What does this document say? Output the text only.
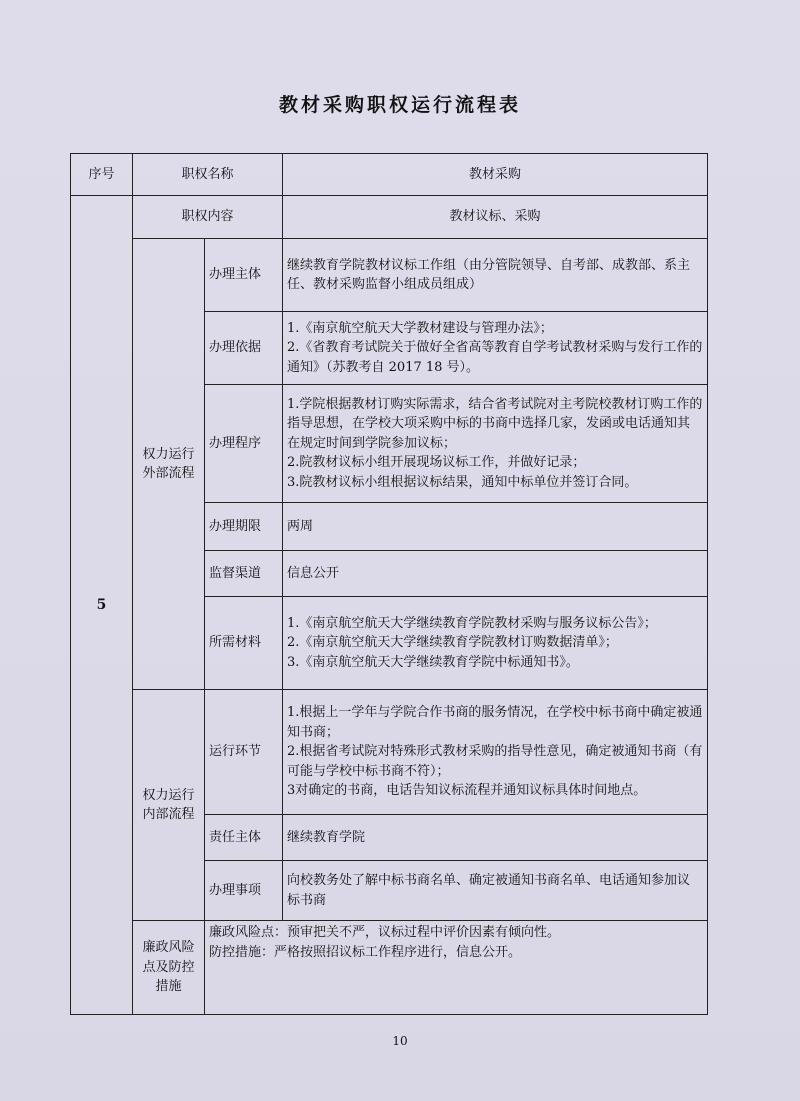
教材采购职权运行流程表
序号	职权名称		教材采购
5	职权内容		教材议标、采购
	权力运行外部流程	办理主体	继续教育学院教材议标工作组（由分管院领导、自考部、成教部、系主任、教材采购监督小组成员组成）

		办理依据	1.《南京航空航天大学教材建设与管理办法》；
2.《省教育考试院关于做好全省高等教育自学考试教材采购与发行工作的通知》（苏教考自 2017 18 号）。

		办理程序	1.学院根据教材订购实际需求，结合省考试院对主考院校教材订购工作的指导思想，在学校大项采购中标的书商中选择几家，发函或电话通知其在规定时间到学院参加议标；
2.院教材议标小组开展现场议标工作，并做好记录；
3.院教材议标小组根据议标结果，通知中标单位并签订合同。

		办理期限	两周

		监督渠道	信息公开

		所需材料	1.《南京航空航天大学继续教育学院教材采购与服务议标公告》；
2.《南京航空航天大学继续教育学院教材订购数据清单》；
3.《南京航空航天大学继续教育学院中标通知书》。

	权力运行内部流程	运行环节	1.根据上一学年与学院合作书商的服务情况，在学校中标书商中确定被通知书商；
2.根据省考试院对特殊形式教材采购的指导性意见，确定被通知书商（有可能与学校中标书商不符）；
3对确定的书商，电话告知议标流程并通知议标具体时间地点。

		责任主体	继续教育学院

		办理事项	向校教务处了解中标书商名单、确定被通知书商名单、电话通知参加议标书商

	廉政风险点及防控措施	廉政风险点：预审把关不严，议标过程中评价因素有倾向性。
防控措施：严格按照招议标工作程序进行，信息公开。	
10
